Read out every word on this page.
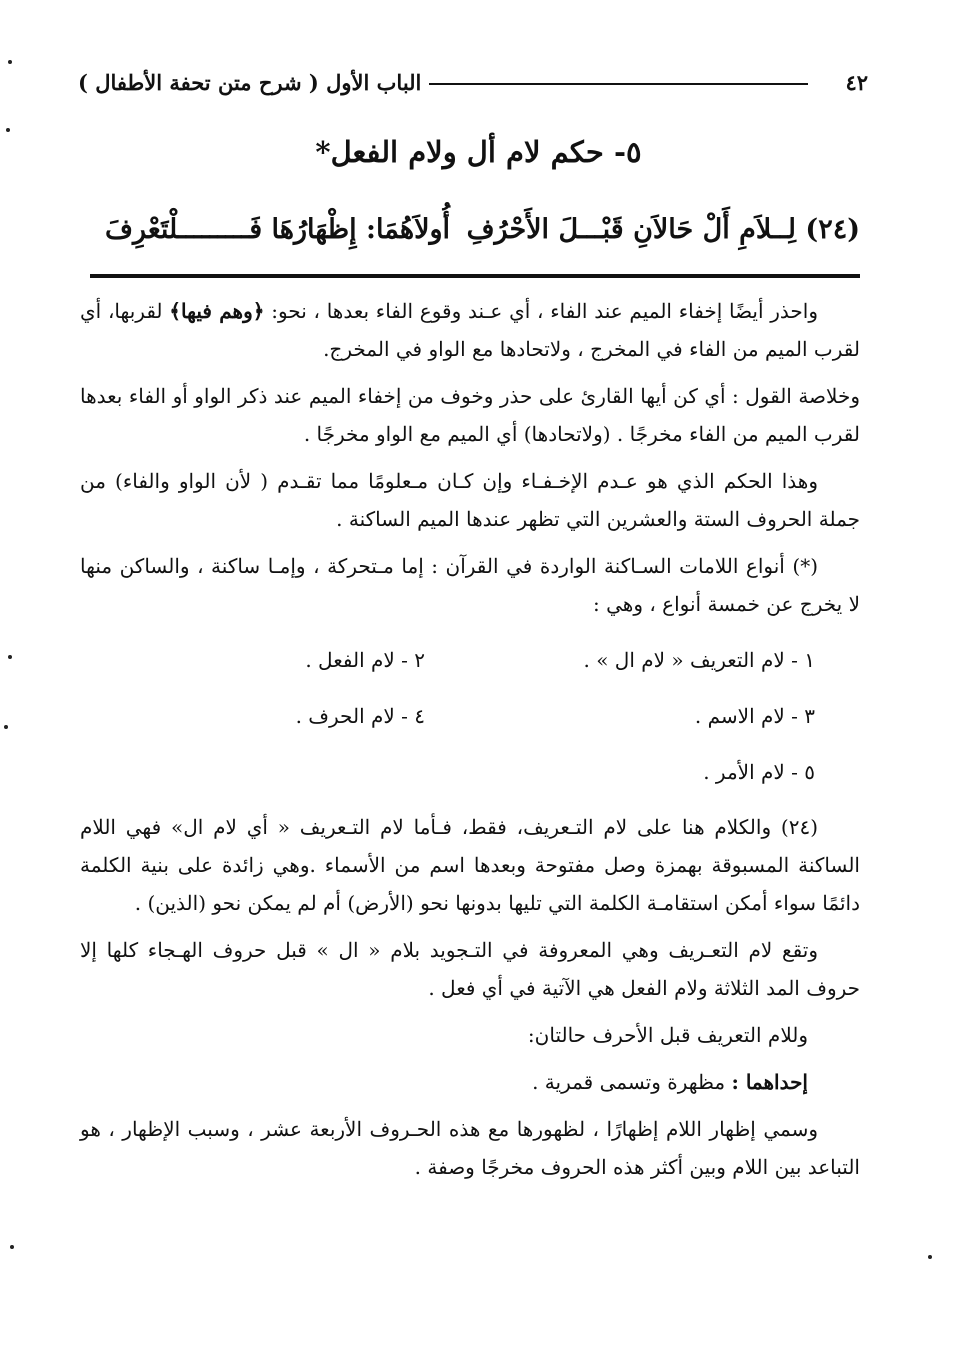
٤٢
الباب الأول ( شرح متن تحفة الأطفال )
٥- حكم لام أل ولام الفعل*
(٢٤) لِــلاَمِ أَلْ حَالاَنِ قَبْـــلَ الأَحْرُفِ
أُولاَهُمَا: إِظْهَارُهَا فَـــــــــلْتَعْرِفَ

واحذر أيضًا إخفاء الميم عند الفاء ، أي عـند وقوع الفاء بعدها ، نحو: ﴿وهم فيها﴾ لقربها، أي لقرب الميم من الفاء في المخرج ، ولاتحادها مع الواو في المخرج.

وخلاصة القول : أي كن أيها القارئ على حذر وخوف من إخفاء الميم عند ذكر الواو أو الفاء بعدها لقرب الميم من الفاء مخرجًا . (ولاتحادها) أي الميم مع الواو مخرجًا .

وهذا الحكم الذي هو عـدم الإخـفـاء وإن كـان مـعلومًا مما تقـدم ( لأن الواو والفاء) من جملة الحروف الستة والعشرين التي تظهر عندها الميم الساكنة .

(*) أنواع اللامات السـاكنة الواردة في القرآن : إما مـتحركة ، وإمـا ساكنة ، والساكن منها لا يخرج عن خمسة أنواع ، وهي :

١ - لام التعريف « لام ال » .
٢ - لام الفعل .
٣ - لام الاسم .
٤ - لام الحرف .
٥ - لام الأمر .

(٢٤) والكلام هنا على لام التـعريف، فقط، فـأما لام التـعريف « أي لام ال» فهي اللام الساكنة المسبوقة بهمزة وصل مفتوحة وبعدها اسم من الأسماء .وهي زائدة على بنية الكلمة دائمًا سواء أمكن استقامـة الكلمة التي تليها بدونها نحو (الأرض) أم لم يمكن نحو (الذين) .

وتقع لام التعـريف وهي المعروفة في التـجويد بلام « ال » قبل حروف الهـجاء كلها إلا حروف المد الثلاثة ولام الفعل هي الآتية في أي فعل .

وللام التعريف قبل الأحرف حالتان:

إحداهما : مظهرة وتسمى قمرية .

وسمي إظهار اللام إظهارًا ، لظهورها مع هذه الحـروف الأربعة عشر ، وسبب الإظهار ، هو التباعد بين اللام وبين أكثر هذه الحروف مخرجًا وصفة .
